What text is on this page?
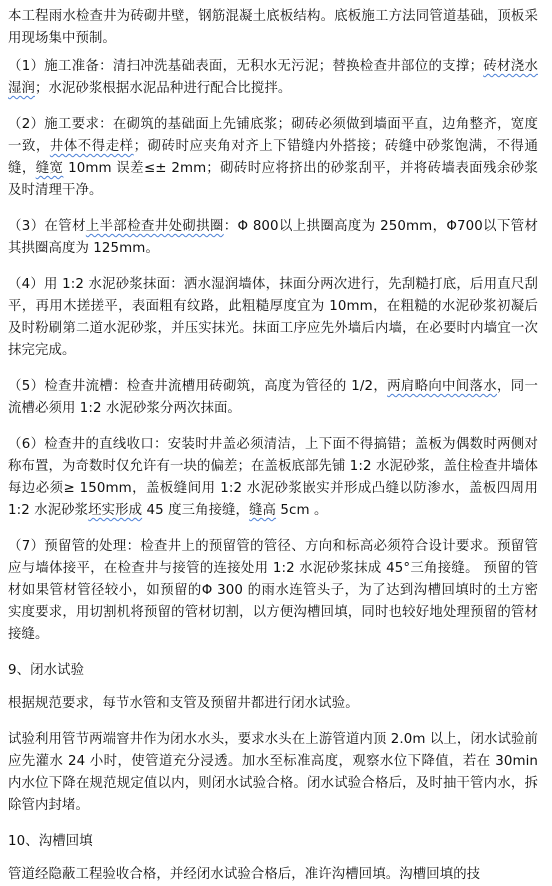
本工程雨水检查井为砖砌井壁，钢筋混凝土底板结构。底板施工方法同管道基础，顶板采用现场集中预制。

（1）施工准备：清扫冲洗基础表面，无积水无污泥；替换检查井部位的支撑；砖材浇水湿润；水泥砂浆根据水泥品种进行配合比搅拌。

（2）施工要求：在砌筑的基础面上先铺底浆；砌砖必须做到墙面平直，边角整齐，宽度一致，井体不得走样；砌砖时应夹角对齐上下错缝内外搭接；砖缝中砂浆饱满，不得通缝，缝宽 10mm 误差≤± 2mm；砌砖时应将挤出的砂浆刮平，并将砖墙表面残余砂浆及时清理干净。

（3）在管材上半部检查井处砌拱圈：Φ 800以上拱圈高度为 250mm，Φ700以下管材其拱圈高度为 125mm。

（4）用 1:2 水泥砂浆抹面：洒水湿润墙体，抹面分两次进行，先刮糙打底，后用直尺刮平，再用木搓搓平，表面粗有纹路，此粗糙厚度宜为 10mm，在粗糙的水泥砂浆初凝后及时粉刷第二道水泥砂浆，并压实抹光。抹面工序应先外墙后内墙，在必要时内墙宜一次抹完完成。

（5）检查井流槽：检查井流槽用砖砌筑，高度为管径的 1/2，两肩略向中间落水，同一流槽必须用 1:2 水泥砂浆分两次抹面。

（6）检查井的直线收口：安装时井盖必须清洁，上下面不得搞错；盖板为偶数时两侧对称布置，为奇数时仅允许有一块的偏差；在盖板底部先铺 1:2 水泥砂浆，盖住检查井墙体每边必须≥ 150mm，盖板缝间用 1:2 水泥砂浆嵌实并形成凸缝以防渗水，盖板四周用 1:2 水泥砂浆坯实形成 45 度三角接缝，缝高 5cm 。

（7）预留管的处理：检查井上的预留管的管径、方向和标高必须符合设计要求。预留管应与墙体接平，在检查井与接管的连接处用 1:2 水泥砂浆抹成 45°三角接缝。 预留的管材如果管材管径较小，如预留的Φ 300 的雨水连管头子，为了达到沟槽回填时的土方密实度要求，用切割机将预留的管材切割，以方便沟槽回填，同时也较好地处理预留的管材接缝。

9、闭水试验

根据规范要求，每节水管和支管及预留井都进行闭水试验。

试验利用管节两端窨井作为闭水水头，要求水头在上游管道内顶 2.0m 以上，闭水试验前应先灌水 24 小时，使管道充分浸透。加水至标准高度，观察水位下降值，若在 30min 内水位下降在规范规定值以内，则闭水试验合格。闭水试验合格后，及时抽干管内水，拆除管内封堵。

10、沟槽回填

管道经隐蔽工程验收合格，并经闭水试验合格后，准许沟槽回填。沟槽回填的技
